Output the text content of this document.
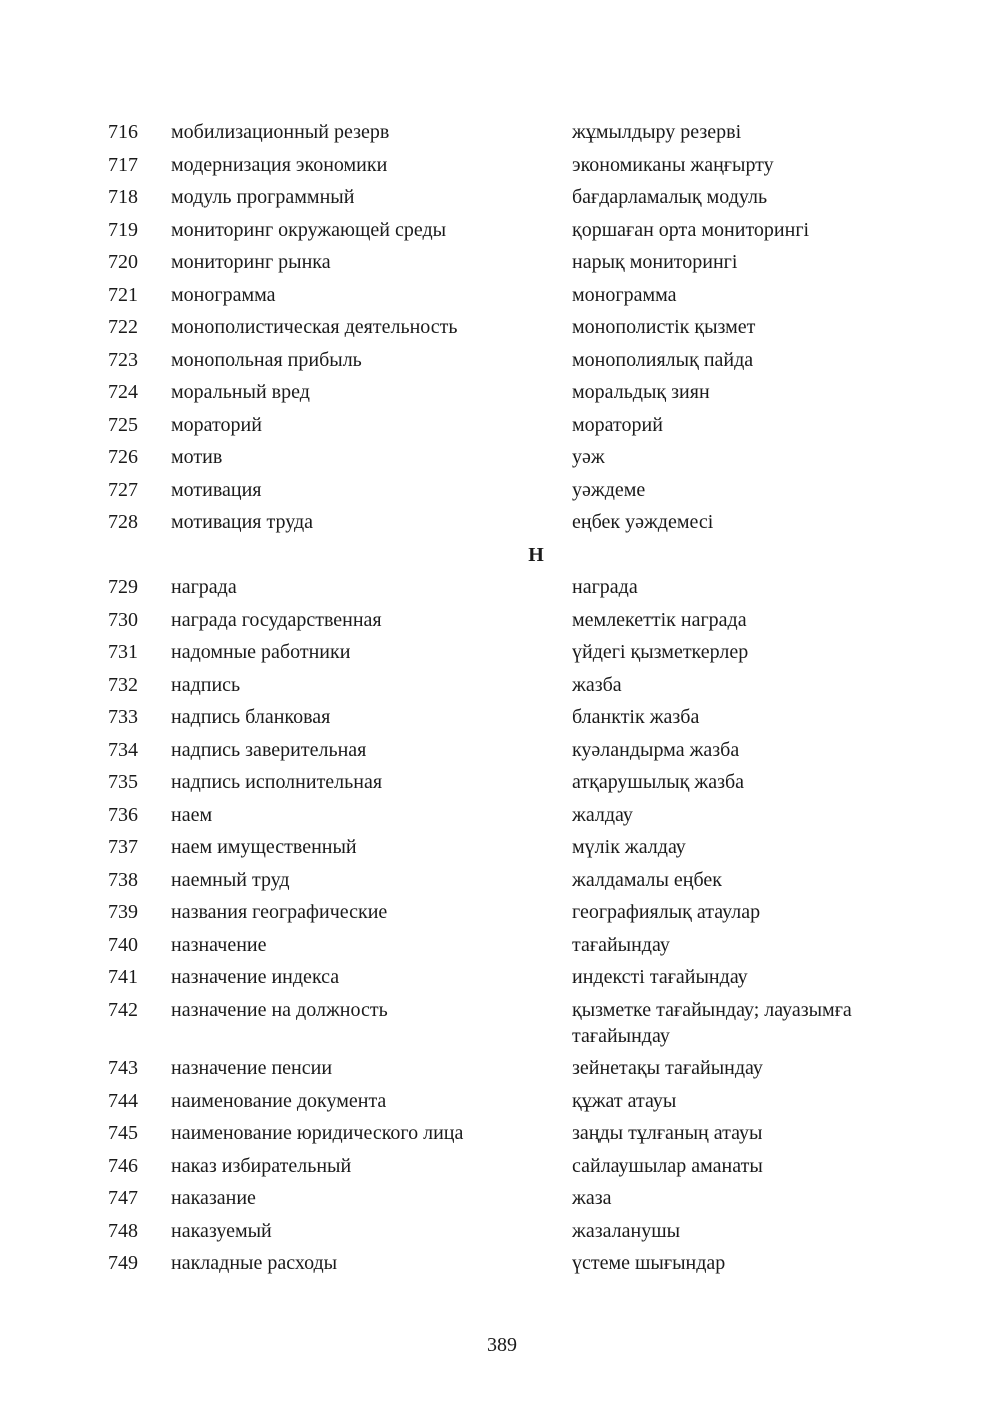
716	мобилизационный резерв	жұмылдыру резерві
717	модернизация экономики	экономиканы жаңғырту
718	модуль программный	бағдарламалық модуль
719	мониторинг окружающей среды	қоршаған орта мониторингі
720	мониторинг рынка	нарық мониторингі
721	монограмма	монограмма
722	монополистическая деятельность	монополистік қызмет
723	монопольная прибыль	монополиялық пайда
724	моральный вред	моральдық зиян
725	мораторий	мораторий
726	мотив	уәж
727	мотивация	уәждеме
728	мотивация труда	еңбек уәждемесі
Н
729	награда	награда
730	награда государственная	мемлекеттік награда
731	надомные работники	үйдегі қызметкерлер
732	надпись	жазба
733	надпись бланковая	бланктік жазба
734	надпись заверительная	куәландырма жазба
735	надпись исполнительная	атқарушылық жазба
736	наем	жалдау
737	наем имущественный	мүлік жалдау
738	наемный труд	жалдамалы еңбек
739	названия географические	географиялық атаулар
740	назначение	тағайындау
741	назначение индекса	индексті тағайындау
742	назначение на должность	қызметке тағайындау; лауазымға тағайындау
743	назначение пенсии	зейнетақы тағайындау
744	наименование документа	құжат атауы
745	наименование юридического лица	заңды тұлғаның атауы
746	наказ избирательный	сайлаушылар аманаты
747	наказание	жаза
748	наказуемый	жазаланушы
749	накладные расходы	үстеме шығындар
389
